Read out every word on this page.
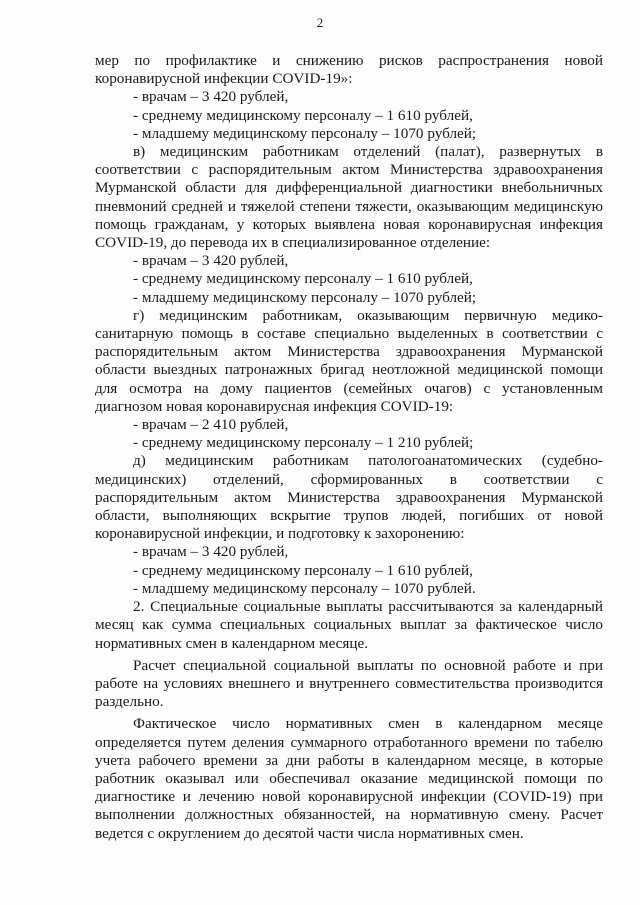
2

мер по профилактике и снижению рисков распространения новой коронавирусной инфекции COVID-19»:

- врачам – 3 420 рублей,

- среднему медицинскому персоналу – 1 610 рублей,

- младшему медицинскому персоналу – 1070 рублей;

в) медицинским работникам отделений (палат), развернутых в соответствии с распорядительным актом Министерства здравоохранения Мурманской области для дифференциальной диагностики внебольничных пневмоний средней и тяжелой степени тяжести, оказывающим медицинскую помощь гражданам, у которых выявлена новая коронавирусная инфекция COVID-19, до перевода их в специализированное отделение:

- врачам – 3 420 рублей,

- среднему медицинскому персоналу – 1 610 рублей,

- младшему медицинскому персоналу – 1070 рублей;

г) медицинским работникам, оказывающим первичную медико-санитарную помощь в составе специально выделенных в соответствии с распорядительным актом Министерства здравоохранения Мурманской области выездных патронажных бригад неотложной медицинской помощи для осмотра на дому пациентов (семейных очагов) с установленным диагнозом новая коронавирусная инфекция COVID-19:

- врачам – 2 410 рублей,

- среднему медицинскому персоналу – 1 210 рублей;

д) медицинским работникам патологоанатомических (судебно-медицинских) отделений, сформированных в соответствии с распорядительным актом Министерства здравоохранения Мурманской области, выполняющих вскрытие трупов людей, погибших от новой коронавирусной инфекции, и подготовку к захоронению:

- врачам – 3 420 рублей,

- среднему медицинскому персоналу – 1 610 рублей,

- младшему медицинскому персоналу – 1070 рублей.

2. Специальные социальные выплаты рассчитываются за календарный месяц как сумма специальных социальных выплат за фактическое число нормативных смен в календарном месяце.

Расчет специальной социальной выплаты по основной работе и при работе на условиях внешнего и внутреннего совместительства производится раздельно.

Фактическое число нормативных смен в календарном месяце определяется путем деления суммарного отработанного времени по табелю учета рабочего времени за дни работы в календарном месяце, в которые работник оказывал или обеспечивал оказание медицинской помощи по диагностике и лечению новой коронавирусной инфекции (COVID-19) при выполнении должностных обязанностей, на нормативную смену. Расчет ведется с округлением до десятой части числа нормативных смен.
